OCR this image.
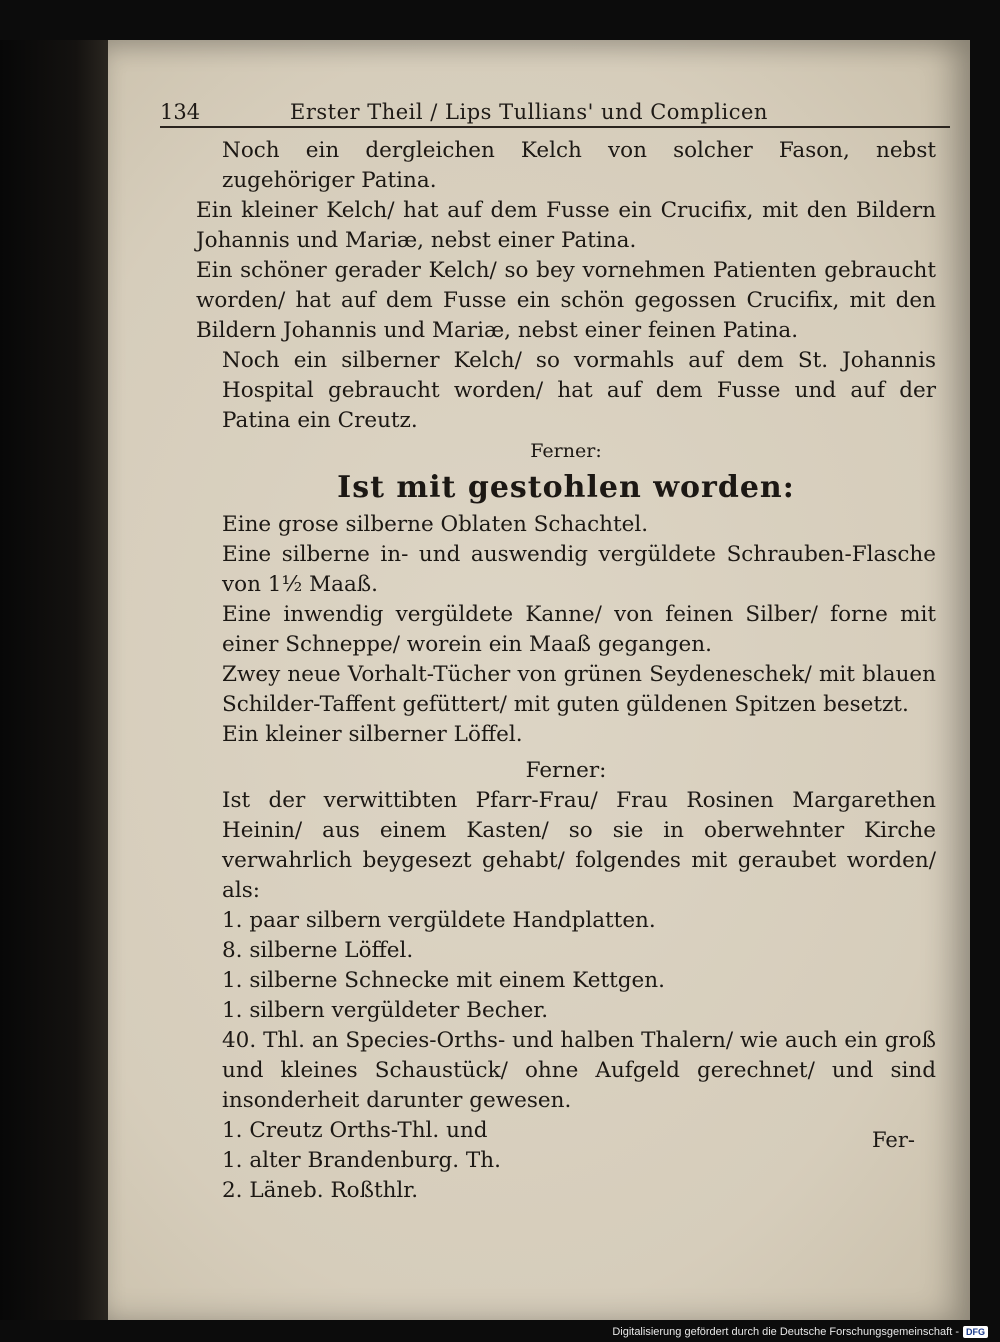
134	Erster Theil / Lips Tullians' und Complicen

Noch ein dergleichen Kelch von solcher Fason, nebst zugehöriger Patina.

Ein kleiner Kelch/ hat auf dem Fusse ein Crucifix, mit den Bildern Johannis und Mariæ, nebst einer Patina.

Ein schöner gerader Kelch/ so bey vornehmen Patienten gebraucht worden/ hat auf dem Fusse ein schön gegossen Crucifix, mit den Bildern Johannis und Mariæ, nebst einer feinen Patina.

Noch ein silberner Kelch/ so vormahls auf dem St. Johannis Hospital gebraucht worden/ hat auf dem Fusse und auf der Patina ein Creutz.

Ferner:

Ist mit gestohlen worden:

Eine grose silberne Oblaten Schachtel.

Eine silberne in- und auswendig vergüldete Schrauben-Flasche von 1½ Maaß.

Eine inwendig vergüldete Kanne/ von feinen Silber/ forne mit einer Schneppe/ worein ein Maaß gegangen.

Zwey neue Vorhalt-Tücher von grünen Seydeneschek/ mit blauen Schilder-Taffent gefüttert/ mit guten güldenen Spitzen besetzt.

Ein kleiner silberner Löffel.

Ferner:

Ist der verwittibten Pfarr-Frau/ Frau Rosinen Margarethen Heinin/ aus einem Kasten/ so sie in oberwehnter Kirche verwahrlich beygesezt gehabt/ folgendes mit geraubet worden/ als:

1. paar silbern vergüldete Handplatten.

8. silberne Löffel.

1. silberne Schnecke mit einem Kettgen.

1. silbern vergüldeter Becher.

40. Thl. an Species-Orths- und halben Thalern/ wie auch ein groß und kleines Schaustück/ ohne Aufgeld gerechnet/ und sind insonderheit darunter gewesen.

1. Creutz Orths-Thl. und

1. alter Brandenburg. Th.

2. Läneb. Roßthlr.

Fer-
Digitalisierung gefördert durch die Deutsche Forschungsgemeinschaft - DFG
